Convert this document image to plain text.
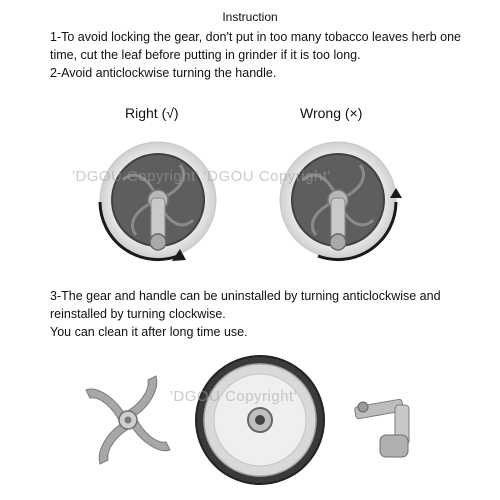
Instruction
1-To avoid locking the gear, don't put in too many tobacco leaves herb one
time, cut the leaf before putting in grinder if it is too long.
2-Avoid anticlockwise turning the handle.
Right (√)	Wrong (×)
'DGOU Copyright' 'DGOU Copyright'
3-The gear and handle can be uninstalled by turning anticlockwise and
reinstalled by turning clockwise.
You can clean it after long time use.
'DGOU Copyright'
